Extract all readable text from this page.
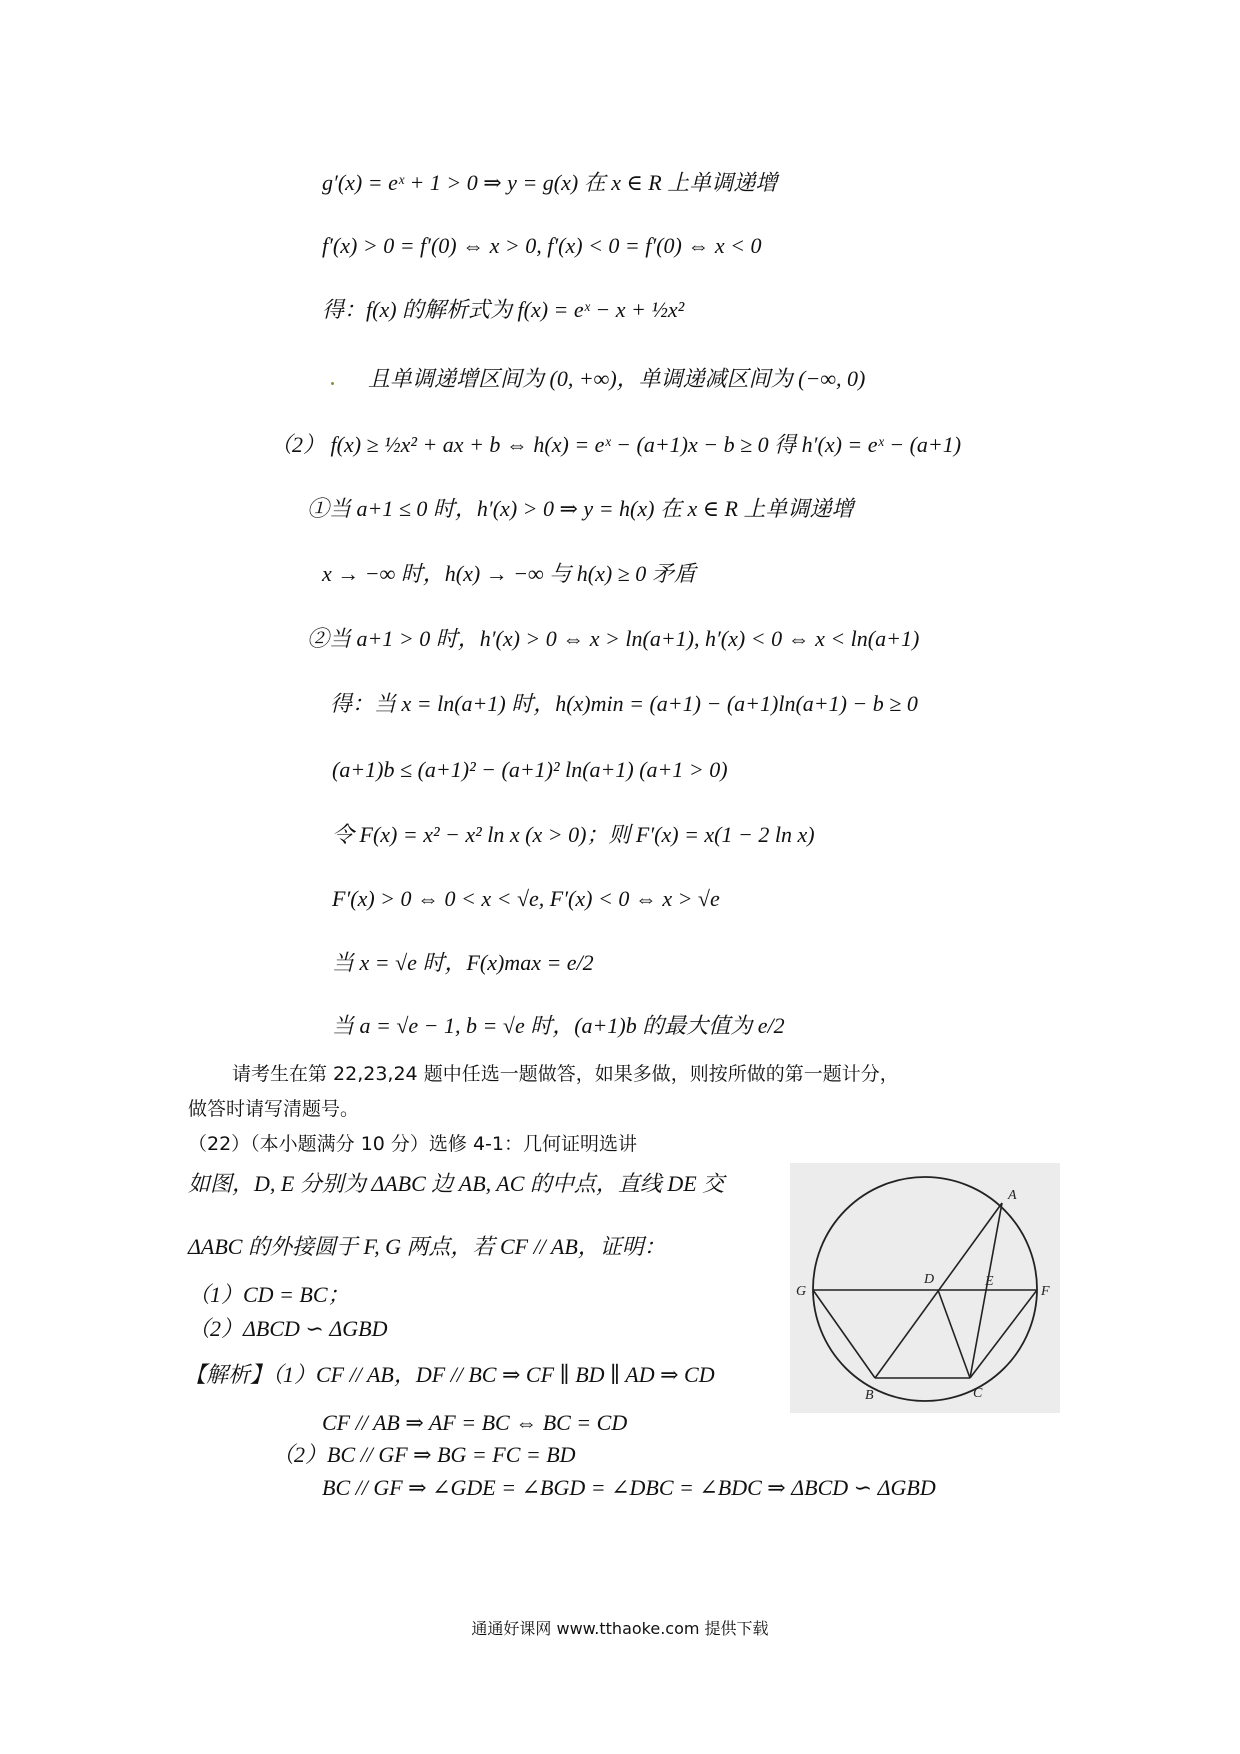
g′(x) = eˣ + 1 > 0 ⇒ y = g(x) 在 x ∈ R 上单调递增
f′(x) > 0 = f′(0) ⇔ x > 0, f′(x) < 0 = f′(0) ⇔ x < 0
得：f(x) 的解析式为 f(x) = eˣ − x + ½x²
且单调递增区间为 (0, +∞)，单调递减区间为 (−∞, 0)
（2） f(x) ≥ ½x² + ax + b ⇔ h(x) = eˣ − (a+1)x − b ≥ 0 得 h′(x) = eˣ − (a+1)
①当 a+1 ≤ 0 时，h′(x) > 0 ⇒ y = h(x) 在 x ∈ R 上单调递增
x → −∞ 时，h(x) → −∞ 与 h(x) ≥ 0 矛盾
②当 a+1 > 0 时，h′(x) > 0 ⇔ x > ln(a+1), h′(x) < 0 ⇔ x < ln(a+1)
得：当 x = ln(a+1) 时，h(x)min = (a+1) − (a+1)ln(a+1) − b ≥ 0
(a+1)b ≤ (a+1)² − (a+1)² ln(a+1) (a+1 > 0)
令 F(x) = x² − x² ln x (x > 0)；则 F′(x) = x(1 − 2 ln x)
F′(x) > 0 ⇔ 0 < x < √e, F′(x) < 0 ⇔ x > √e
当 x = √e 时，F(x)max = e/2
当 a = √e − 1, b = √e 时，(a+1)b 的最大值为 e/2
请考生在第 22,23,24 题中任选一题做答，如果多做，则按所做的第一题计分，
做答时请写清题号。
（22）（本小题满分 10 分）选修 4-1：几何证明选讲
如图，D, E 分别为 ΔABC 边 AB, AC 的中点，直线 DE 交
ΔABC 的外接圆于 F, G 两点，若 CF // AB，证明：
（1）CD = BC；
（2）ΔBCD ∽ ΔGBD
【解析】（1）CF // AB，DF // BC ⇒ CF ∥ BD ∥ AD ⇒ CD
CF // AB ⇒ AF = BC ⇔ BC = CD
（2）BC // GF ⇒ BG = FC = BD
BC // GF ⇒ ∠GDE = ∠BGD = ∠DBC = ∠BDC ⇒ ΔBCD ∽ ΔGBD
A
B	C
D	E
F
G
通通好课网 www.tthaoke.com 提供下载
